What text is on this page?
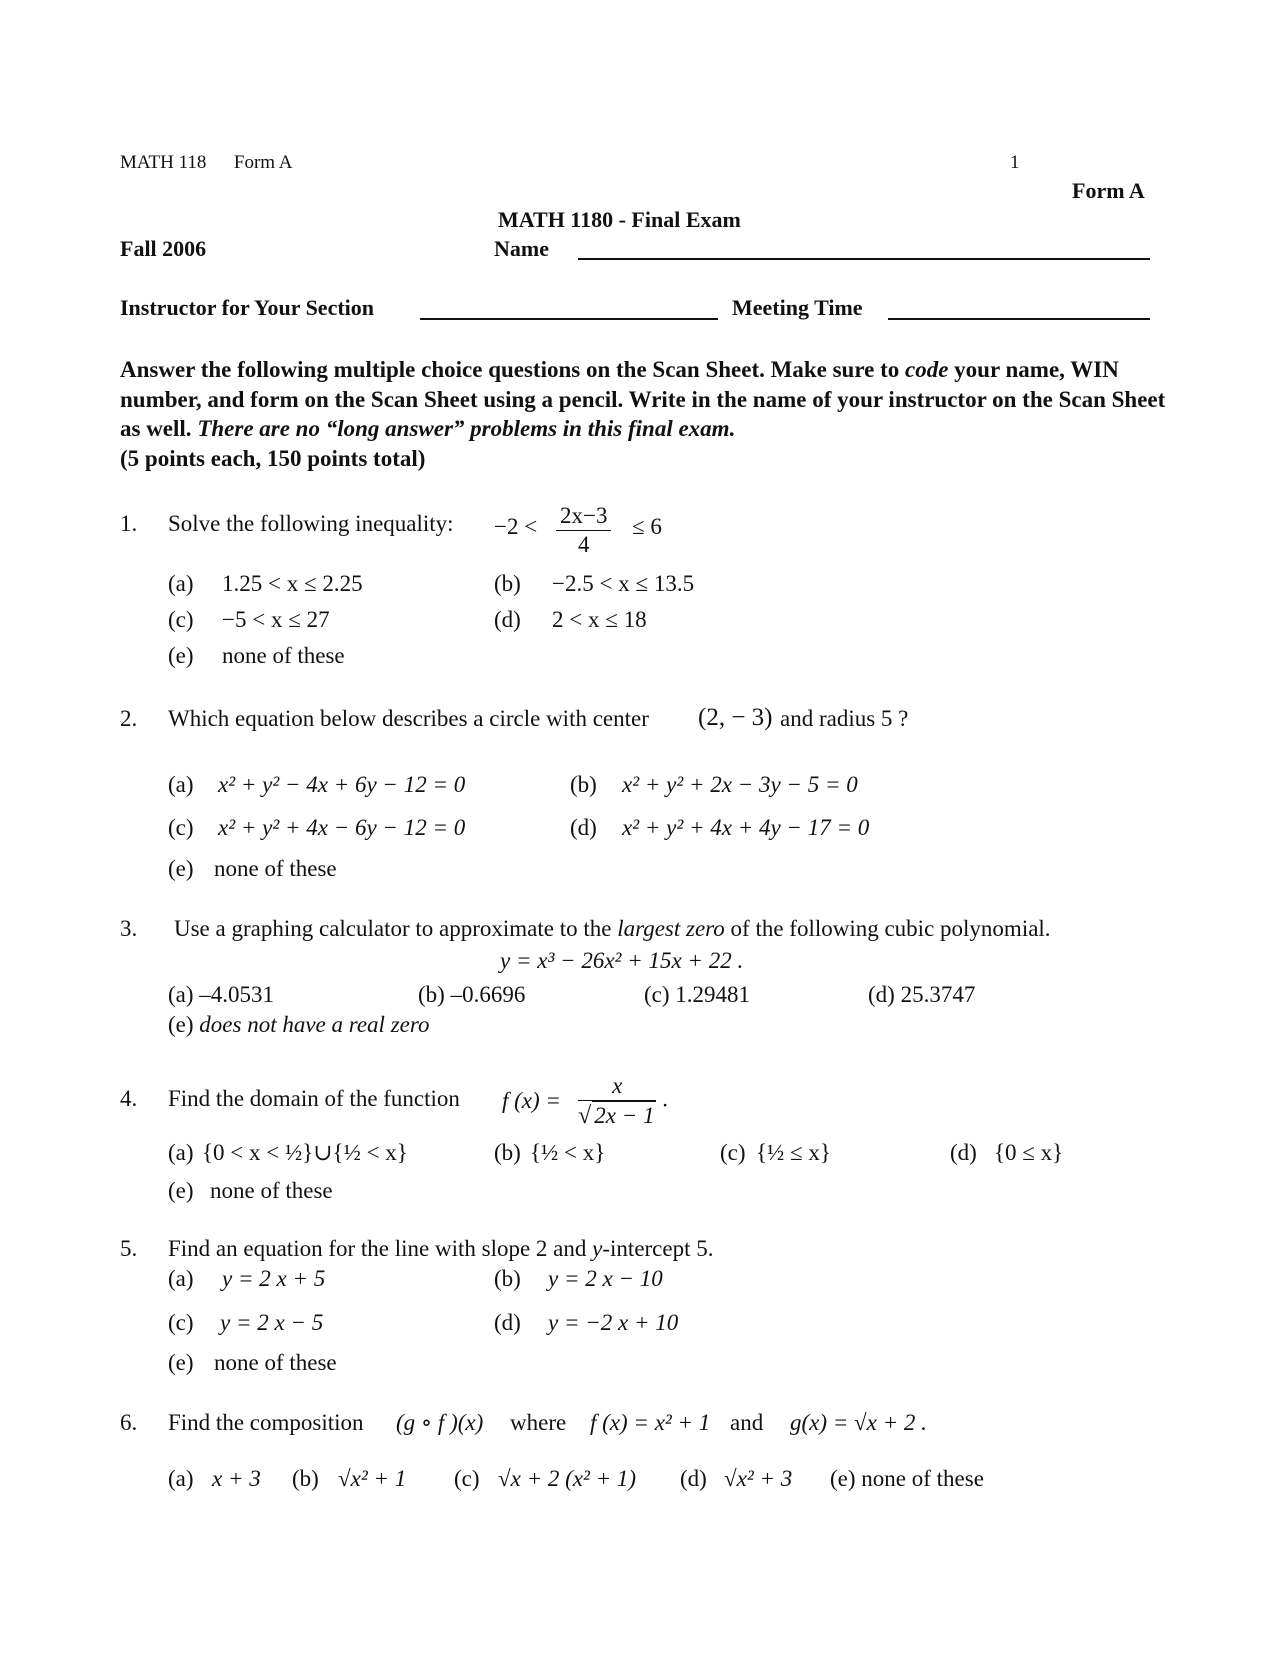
MATH 118 Form A	1
Form A
MATH 1180 - Final Exam
Fall 2006	Name
Instructor for Your Section	Meeting Time
Answer the following multiple choice questions on the Scan Sheet. Make sure to code your name, WIN number, and form on the Scan Sheet using a pencil. Write in the name of your instructor on the Scan Sheet as well. There are no “long answer” problems in this final exam.
(5 points each, 150 points total)
1. Solve the following inequality: $-2 < \frac{2x-3}{4} \le 6$
(a) 1.25 < x ≤ 2.25	(b) −2.5 < x ≤ 13.5
(c) −5 < x ≤ 27	(d) 2 < x ≤ 18
(e) none of these
2. Which equation below describes a circle with center (2, − 3) and radius 5 ?
(a) x² + y² − 4x + 6y − 12 = 0	(b) x² + y² + 2x − 3y − 5 = 0
(c) x² + y² + 4x − 6y − 12 = 0	(d) x² + y² + 4x + 4y − 17 = 0
(e) none of these
3. Use a graphing calculator to approximate to the largest zero of the following cubic polynomial.
y = x³ − 26x² + 15x + 22 .
(a) –4.0531	(b) –0.6696	(c) 1.29481	(d) 25.3747
(e) does not have a real zero
4. Find the domain of the function f $(x) = \frac{x}{√ 2x - 1}$ .
(a) {0 < x < ½}∪{½ < x}	(b) {½ < x}	(c) {½ ≤ x}	(d) {0 ≤ x}
(e) none of these
5. Find an equation for the line with slope 2 and y-intercept 5.
(a) y = 2 x + 5	(b) y = 2 x − 10
(c) y = 2 x − 5	(d) y = −2 x + 10
(e) none of these
6. Find the composition (g ∘ f )(x) where f (x) = x² + 1 and g(x) = √x + 2 .
(a) x + 3 (b) √x² + 1 (c) √x + 2 (x² + 1) (d) √x² + 3 (e) none of these
